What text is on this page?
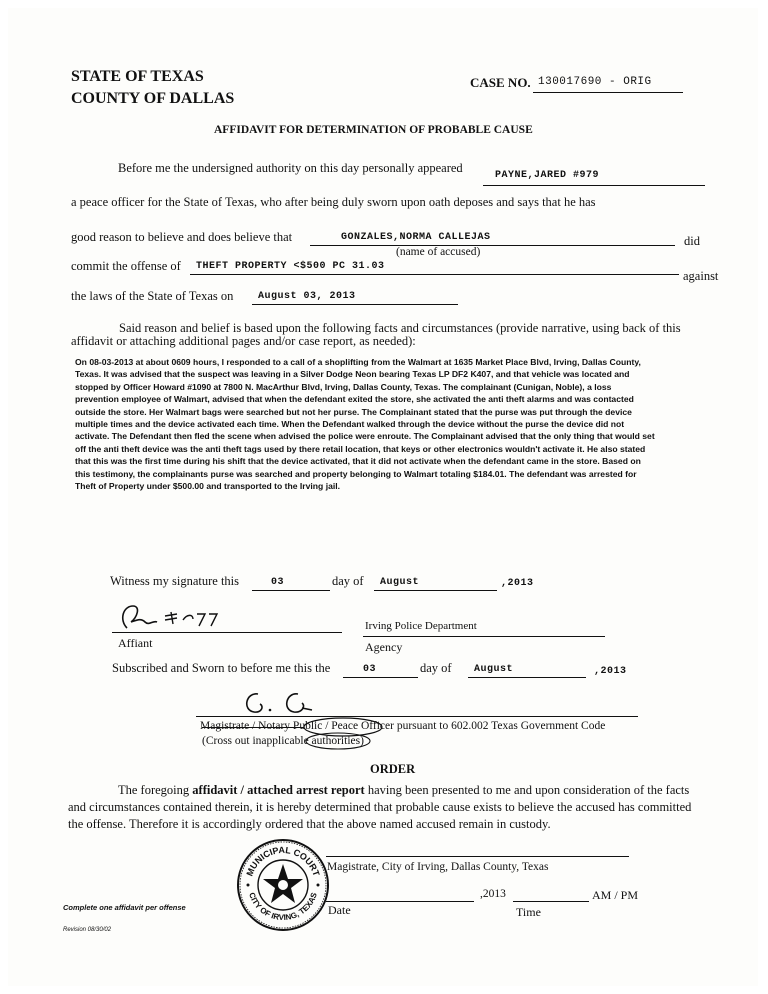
STATE OF TEXAS
COUNTY OF DALLAS
CASE NO. 130017690 - ORIG
AFFIDAVIT FOR DETERMINATION OF PROBABLE CAUSE
Before me the undersigned authority on this day personally appeared
PAYNE,JARED #979
a peace officer for the State of Texas, who after being duly sworn upon oath deposes and says that he has
good reason to believe and does believe that	GONZALES,NORMA CALLEJAS	did
(name of accused)
commit the offense of THEFT PROPERTY <$500 PC 31.03
against
the laws of the State of Texas on August 03, 2013
Said reason and belief is based upon the following facts and circumstances (provide narrative, using back of this affidavit or attaching additional pages and/or case report, as needed):
On 08-03-2013 at about 0609 hours, I responded to a call of a shoplifting from the Walmart at 1635 Market Place Blvd, Irving, Dallas County, Texas. It was advised that the suspect was leaving in a Silver Dodge Neon bearing Texas LP DF2 K407, and that vehicle was located and stopped by Officer Howard #1090 at 7800 N. MacArthur Blvd, Irving, Dallas County, Texas. The complainant (Cunigan, Noble), a loss prevention employee of Walmart, advised that when the defendant exited the store, she activated the anti theft alarms and was contacted outside the store. Her Walmart bags were searched but not her purse. The Complainant stated that the purse was put through the device multiple times and the device activated each time. When the Defendant walked through the device without the purse the device did not activate. The Defendant then fled the scene when advised the police were enroute. The Complainant advised that the only thing that would set off the anti theft device was the anti theft tags used by there retail location, that keys or other electronics wouldn't activate it. He also stated that this was the first time during his shift that the device activated, that it did not activate when the defendant came in the store. Based on this testimony, the complainants purse was searched and property belonging to Walmart totaling $184.01. The defendant was arrested for Theft of Property under $500.00 and transported to the Irving jail.
Witness my signature this	03	day of August	,2013
Affiant
Irving Police Department
Agency
Subscribed and Sworn to before me this the	03	day of August	,2013
Magistrate / Notary Public / Peace Officer pursuant to 602.002 Texas Government Code
(Cross out inapplicable authorities)
ORDER
The foregoing affidavit / attached arrest report having been presented to me and upon consideration of the facts and circumstances contained therein, it is hereby determined that probable cause exists to believe the accused has committed the offense. Therefore it is accordingly ordered that the above named accused remain in custody.
MUNICIPAL COURT
CITY OF IRVING, TEXAS
Magistrate, City of Irving, Dallas County, Texas
,2013	AM / PM
Date	Time
Complete one affidavit per offense
Revision 08/30/02
